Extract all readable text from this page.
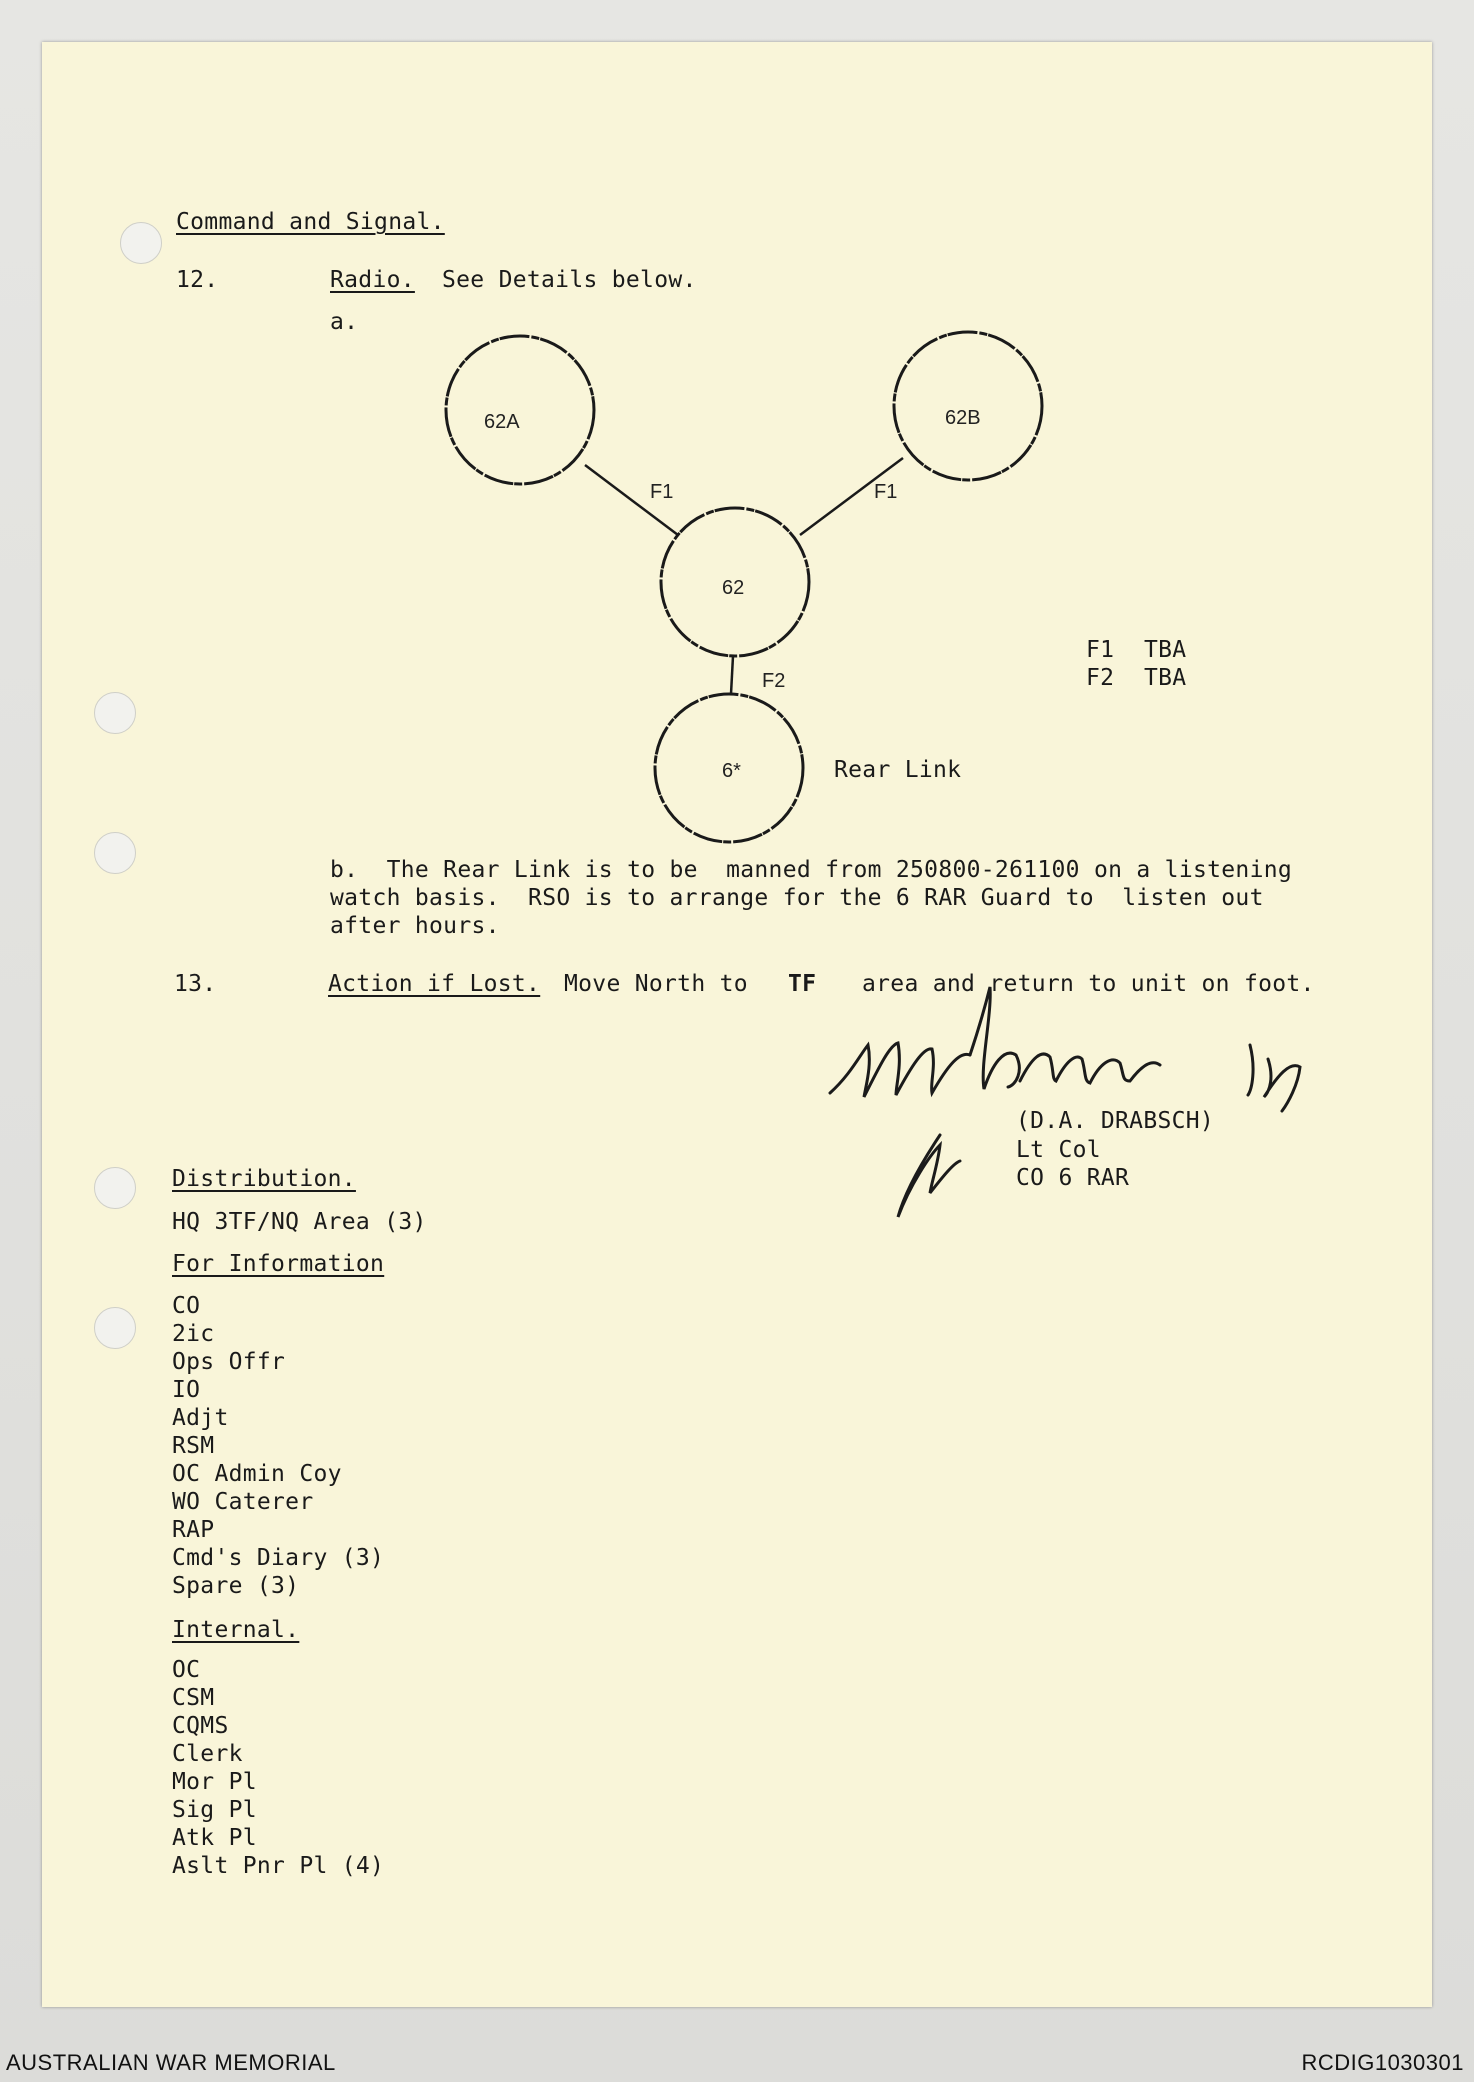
Command and Signal.
12.	Radio. See Details below.
a.
62A	62B
62
6*
F1	F1
F2
Rear Link
F1 TBA
F2 TBA
b.  The Rear Link is to be  manned from 250800-261100 on a listening
watch basis.  RSO is to arrange for the 6 RAR Guard to  listen out
after hours.
13.	Action if Lost. Move North to TF area and return to unit on foot.
(D.A. DRABSCH)
Lt Col
CO 6 RAR
Distribution.
HQ 3TF/NQ Area (3)
For Information
CO
2ic
Ops Offr
IO
Adjt
RSM
OC Admin Coy
WO Caterer
RAP
Cmd's Diary (3)
Spare (3)
Internal.
OC
CSM
CQMS
Clerk
Mor Pl
Sig Pl
Atk Pl
Aslt Pnr Pl (4)
AUSTRALIAN WAR MEMORIAL	RCDIG1030301
